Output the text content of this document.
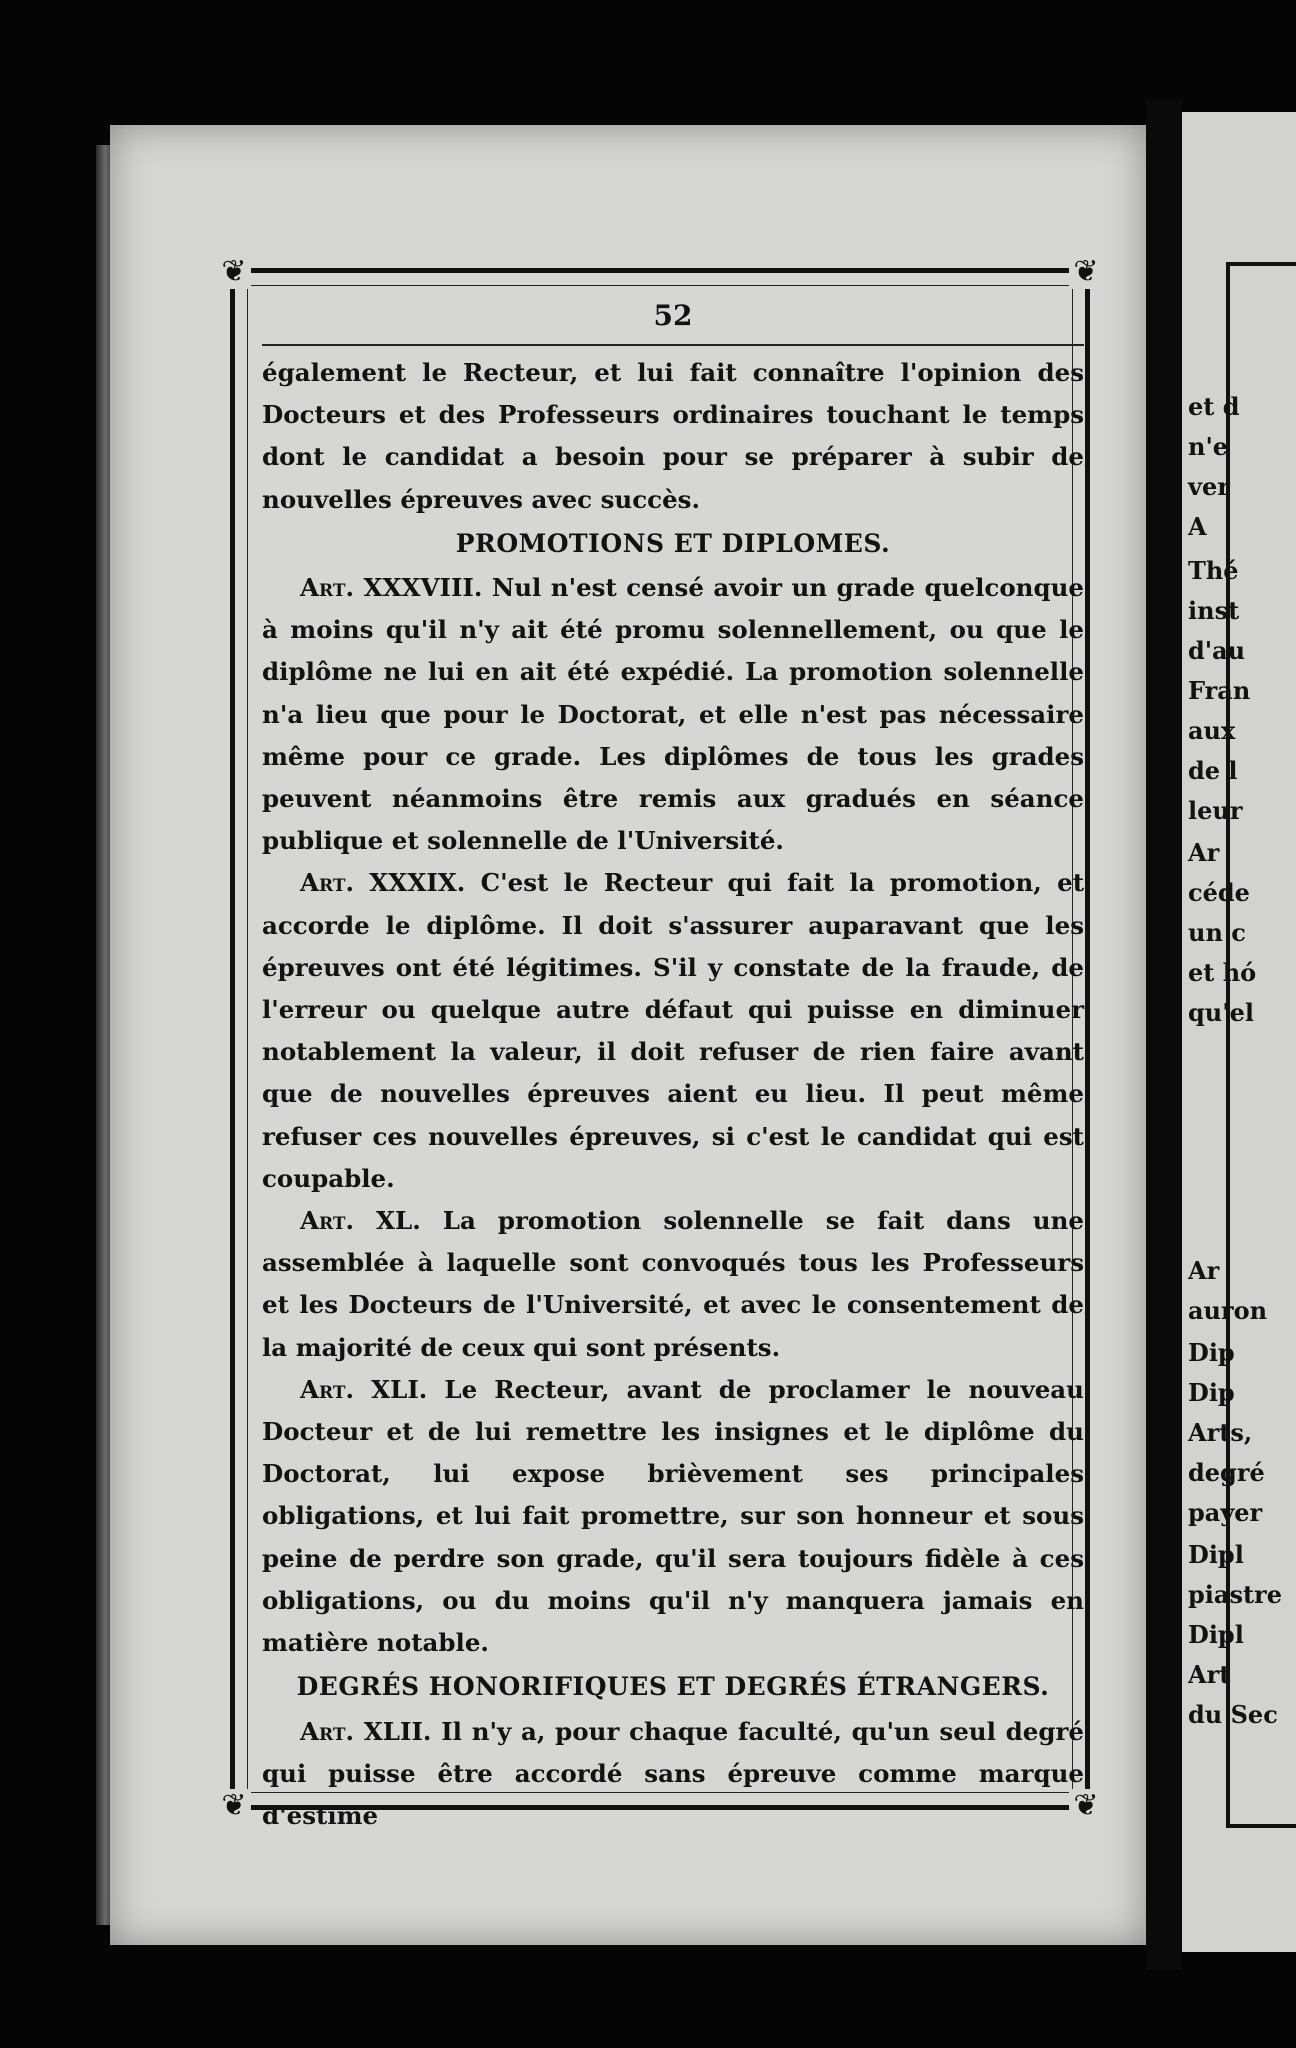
et d
n'e
ver
A
Thé
inst
d'au
Fran
aux
de l
leur
Ar
céde
un c
et hó
qu'el
Ar
auron
Dip
Dip
Arts,
degré
payer
Dipl
piastre
Dipl
Art
du Sec
❦	❦
❦	❦
52

également le Recteur, et lui fait connaître l'opinion des Docteurs et des Professeurs ordinaires touchant le temps dont le candidat a besoin pour se préparer à subir de nouvelles épreuves avec succès.

PROMOTIONS ET DIPLOMES.

Art. XXXVIII. Nul n'est censé avoir un grade quelconque à moins qu'il n'y ait été promu solennellement, ou que le diplôme ne lui en ait été expédié. La promotion solennelle n'a lieu que pour le Doctorat, et elle n'est pas nécessaire même pour ce grade. Les diplômes de tous les grades peuvent néanmoins être remis aux gradués en séance publique et solennelle de l'Université.

Art. XXXIX. C'est le Recteur qui fait la promotion, et accorde le diplôme. Il doit s'assurer auparavant que les épreuves ont été légitimes. S'il y constate de la fraude, de l'erreur ou quelque autre défaut qui puisse en diminuer notablement la valeur, il doit refuser de rien faire avant que de nouvelles épreuves aient eu lieu. Il peut même refuser ces nouvelles épreuves, si c'est le candidat qui est coupable.

Art. XL. La promotion solennelle se fait dans une assemblée à laquelle sont convoqués tous les Professeurs et les Docteurs de l'Université, et avec le consentement de la majorité de ceux qui sont présents.

Art. XLI. Le Recteur, avant de proclamer le nouveau Docteur et de lui remettre les insignes et le diplôme du Doctorat, lui expose brièvement ses principales obligations, et lui fait promettre, sur son honneur et sous peine de perdre son grade, qu'il sera toujours fidèle à ces obligations, ou du moins qu'il n'y manquera jamais en matière notable.

DEGRÉS HONORIFIQUES ET DEGRÉS ÉTRANGERS.

Art. XLII. Il n'y a, pour chaque faculté, qu'un seul degré qui puisse être accordé sans épreuve comme marque d'estime
